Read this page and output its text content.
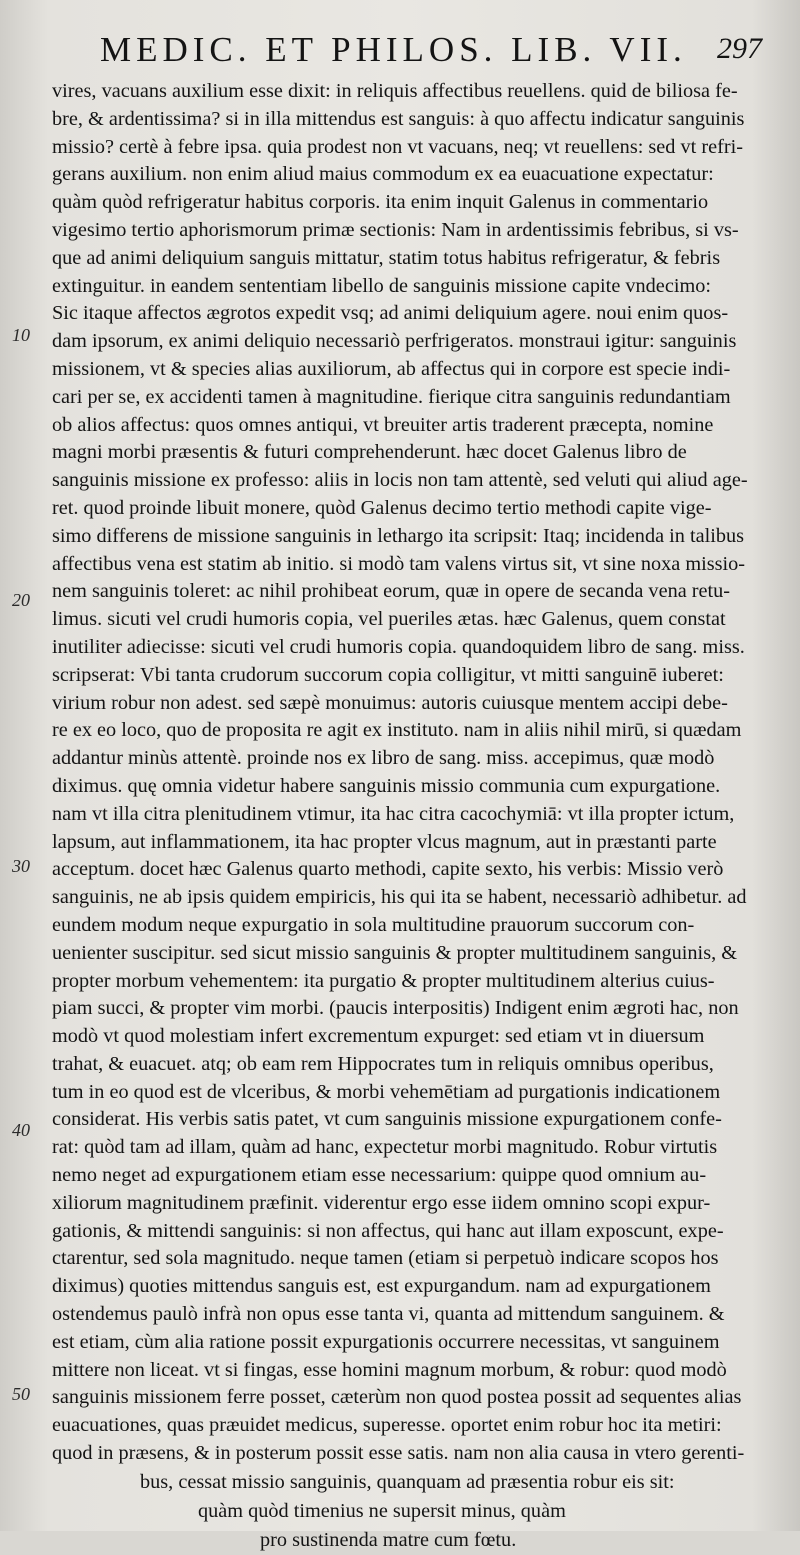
MEDIC. ET PHILOS. LIB. VII. 297
10
20
30
40
50
vires, vacuans auxilium esse dixit: in reliquis affectibus reuellens. quid de biliosa fe-
bre, & ardentissima? si in illa mittendus est sanguis: à quo affectu indicatur sanguinis
missio? certè à febre ipsa. quia prodest non vt vacuans, neq; vt reuellens: sed vt refri-
gerans auxilium. non enim aliud maius commodum ex ea euacuatione expectatur:
quàm quòd refrigeratur habitus corporis. ita enim inquit Galenus in commentario
vigesimo tertio aphorismorum primæ sectionis: Nam in ardentissimis febribus, si vs-
que ad animi deliquium sanguis mittatur, statim totus habitus refrigeratur, & febris
extinguitur. in eandem sententiam libello de sanguinis missione capite vndecimo:
Sic itaque affectos ægrotos expedit vsq; ad animi deliquium agere. noui enim quos-
dam ipsorum, ex animi deliquio necessariò perfrigeratos. monstraui igitur: sanguinis
missionem, vt & species alias auxiliorum, ab affectus qui in corpore est specie indi-
cari per se, ex accidenti tamen à magnitudine. fierique citra sanguinis redundantiam
ob alios affectus: quos omnes antiqui, vt breuiter artis traderent præcepta, nomine
magni morbi præsentis & futuri comprehenderunt. hæc docet Galenus libro de
sanguinis missione ex professo: aliis in locis non tam attentè, sed veluti qui aliud age-
ret. quod proinde libuit monere, quòd Galenus decimo tertio methodi capite vige-
simo differens de missione sanguinis in lethargo ita scripsit: Itaq; incidenda in talibus
affectibus vena est statim ab initio. si modò tam valens virtus sit, vt sine noxa missio-
nem sanguinis toleret: ac nihil prohibeat eorum, quæ in opere de secanda vena retu-
limus. sicuti vel crudi humoris copia, vel pueriles ætas. hæc Galenus, quem constat
inutiliter adiecisse: sicuti vel crudi humoris copia. quandoquidem libro de sang. miss.
scripserat: Vbi tanta crudorum succorum copia colligitur, vt mitti sanguinē iuberet:
virium robur non adest. sed sæpè monuimus: autoris cuiusque mentem accipi debe-
re ex eo loco, quo de proposita re agit ex instituto. nam in aliis nihil mirū, si quædam
addantur minùs attentè. proinde nos ex libro de sang. miss. accepimus, quæ modò
diximus. quę omnia videtur habere sanguinis missio communia cum expurgatione.
nam vt illa citra plenitudinem vtimur, ita hac citra cacochymiā: vt illa propter ictum,
lapsum, aut inflammationem, ita hac propter vlcus magnum, aut in præstanti parte
acceptum. docet hæc Galenus quarto methodi, capite sexto, his verbis: Missio verò
sanguinis, ne ab ipsis quidem empiricis, his qui ita se habent, necessariò adhibetur. ad
eundem modum neque expurgatio in sola multitudine prauorum succorum con-
uenienter suscipitur. sed sicut missio sanguinis & propter multitudinem sanguinis, &
propter morbum vehementem: ita purgatio & propter multitudinem alterius cuius-
piam succi, & propter vim morbi. (paucis interpositis) Indigent enim ægroti hac, non
modò vt quod molestiam infert excrementum expurget: sed etiam vt in diuersum
trahat, & euacuet. atq; ob eam rem Hippocrates tum in reliquis omnibus operibus,
tum in eo quod est de vlceribus, & morbi vehemētiam ad purgationis indicationem
considerat. His verbis satis patet, vt cum sanguinis missione expurgationem confe-
rat: quòd tam ad illam, quàm ad hanc, expectetur morbi magnitudo. Robur virtutis
nemo neget ad expurgationem etiam esse necessarium: quippe quod omnium au-
xiliorum magnitudinem præfinit. viderentur ergo esse iidem omnino scopi expur-
gationis, & mittendi sanguinis: si non affectus, qui hanc aut illam exposcunt, expe-
ctarentur, sed sola magnitudo. neque tamen (etiam si perpetuò indicare scopos hos
diximus) quoties mittendus sanguis est, est expurgandum. nam ad expurgationem
ostendemus paulò infrà non opus esse tanta vi, quanta ad mittendum sanguinem. &
est etiam, cùm alia ratione possit expurgationis occurrere necessitas, vt sanguinem
mittere non liceat. vt si fingas, esse homini magnum morbum, & robur: quod modò
sanguinis missionem ferre posset, cæterùm non quod postea possit ad sequentes alias
euacuationes, quas præuidet medicus, superesse. oportet enim robur hoc ita metiri:
quod in præsens, & in posterum possit esse satis. nam non alia causa in vtero gerenti-
bus, cessat missio sanguinis, quanquam ad præsentia robur eis sit:
quàm quòd timenius ne supersit minus, quàm
pro sustinenda matre cum fœtu.
